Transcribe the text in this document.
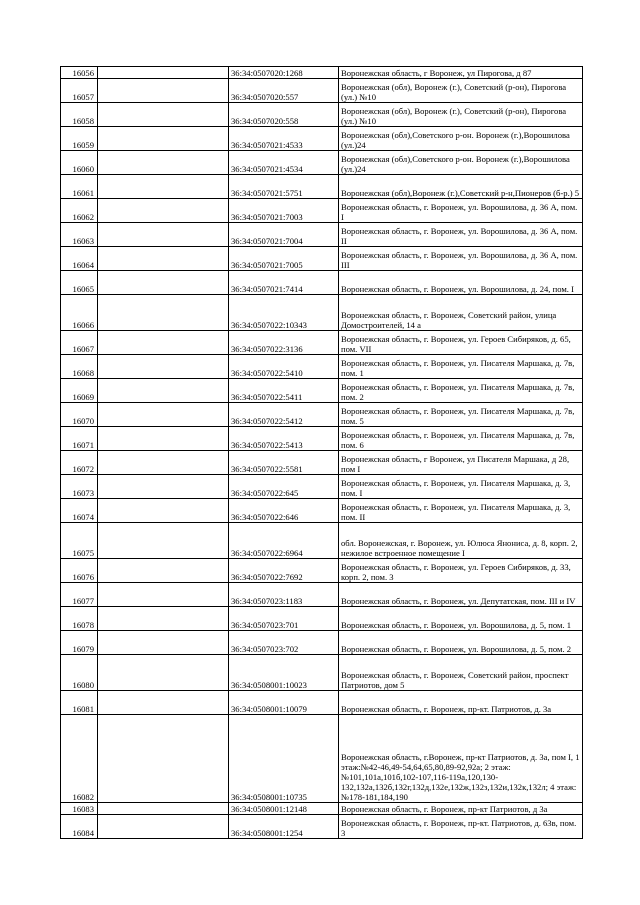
16056		36:34:0507020:1268	Воронежская область, г Воронеж, ул Пирогова, д 87
16057		36:34:0507020:557	Воронежская (обл), Воронеж (г.), Советский (р-он), Пирогова (ул.) №10
16058		36:34:0507020:558	Воронежская (обл), Воронеж (г.), Советский (р-он), Пирогова (ул.) №10
16059		36:34:0507021:4533	Воронежская (обл),Советского р-он. Воронеж (г.),Ворошилова (ул.)24
16060		36:34:0507021:4534	Воронежская (обл),Советского р-он. Воронеж (г.),Ворошилова (ул.)24
16061		36:34:0507021:5751	Воронежская (обл),Воронеж (г.),Советский р-н,Пионеров (б-р.) 5
16062		36:34:0507021:7003	Воронежская область, г. Воронеж, ул. Ворошилова, д. 36 А, пом. I
16063		36:34:0507021:7004	Воронежская область, г. Воронеж, ул. Ворошилова, д. 36 А, пом. II
16064		36:34:0507021:7005	Воронежская область, г. Воронеж, ул. Ворошилова, д. 36 А, пом. III
16065		36:34:0507021:7414	Воронежская область, г. Воронеж, ул. Ворошилова, д. 24, пом. I
16066		36:34:0507022:10343	Воронежская область, г. Воронеж, Советский район, улица Домостроителей, 14 а
16067		36:34:0507022:3136	Воронежская область, г. Воронеж, ул. Героев Сибиряков, д. 65, пом. VII
16068		36:34:0507022:5410	Воронежская область, г. Воронеж, ул. Писателя Маршака, д. 7в, пом. 1
16069		36:34:0507022:5411	Воронежская область, г. Воронеж, ул. Писателя Маршака, д. 7в, пом. 2
16070		36:34:0507022:5412	Воронежская область, г. Воронеж, ул. Писателя Маршака, д. 7в, пом. 5
16071		36:34:0507022:5413	Воронежская область, г. Воронеж, ул. Писателя Маршака, д. 7в, пом. 6
16072		36:34:0507022:5581	Воронежская область, г Воронеж, ул Писателя Маршака, д 28, пом I
16073		36:34:0507022:645	Воронежская область, г. Воронеж, ул. Писателя Маршака, д. 3, пом. I
16074		36:34:0507022:646	Воронежская область, г. Воронеж, ул. Писателя Маршака, д. 3, пом. II
16075		36:34:0507022:6964	обл. Воронежская, г. Воронеж, ул. Юлюса Янониса, д. 8, корп. 2, нежилое встроенное помещение I
16076		36:34:0507022:7692	Воронежская область, г. Воронеж, ул. Героев Сибиряков, д. 33, корп. 2, пом. 3
16077		36:34:0507023:1183	Воронежская область, г. Воронеж, ул. Депутатская, пом. III и IV
16078		36:34:0507023:701	Воронежская область, г. Воронеж, ул. Ворошилова, д. 5, пом. 1
16079		36:34:0507023:702	Воронежская область, г. Воронеж, ул. Ворошилова, д. 5, пом. 2
16080		36:34:0508001:10023	Воронежская область, г. Воронеж, Советский район, проспект Патриотов, дом 5
16081		36:34:0508001:10079	Воронежская область, г. Воронеж, пр-кт. Патриотов, д. 3а
16082		36:34:0508001:10735	Воронежская область, г.Воронеж, пр-кт Патриотов, д. 3а, пом I, 1 этаж:№42-46,49-54,64,65,80,89-92,92а; 2 этаж:№101,101а,101б,102-107,116-119а,120,130-132,132а,132б,132г,132д,132е,132ж,132з,132и,132к,132л; 4 этаж:№178-181,184,190
16083		36:34:0508001:12148	Воронежская область, г. Воронеж, пр-кт Патриотов, д 3а
16084		36:34:0508001:1254	Воронежская область, г. Воронеж, пр-кт. Патриотов, д. 63в, пом. 3
